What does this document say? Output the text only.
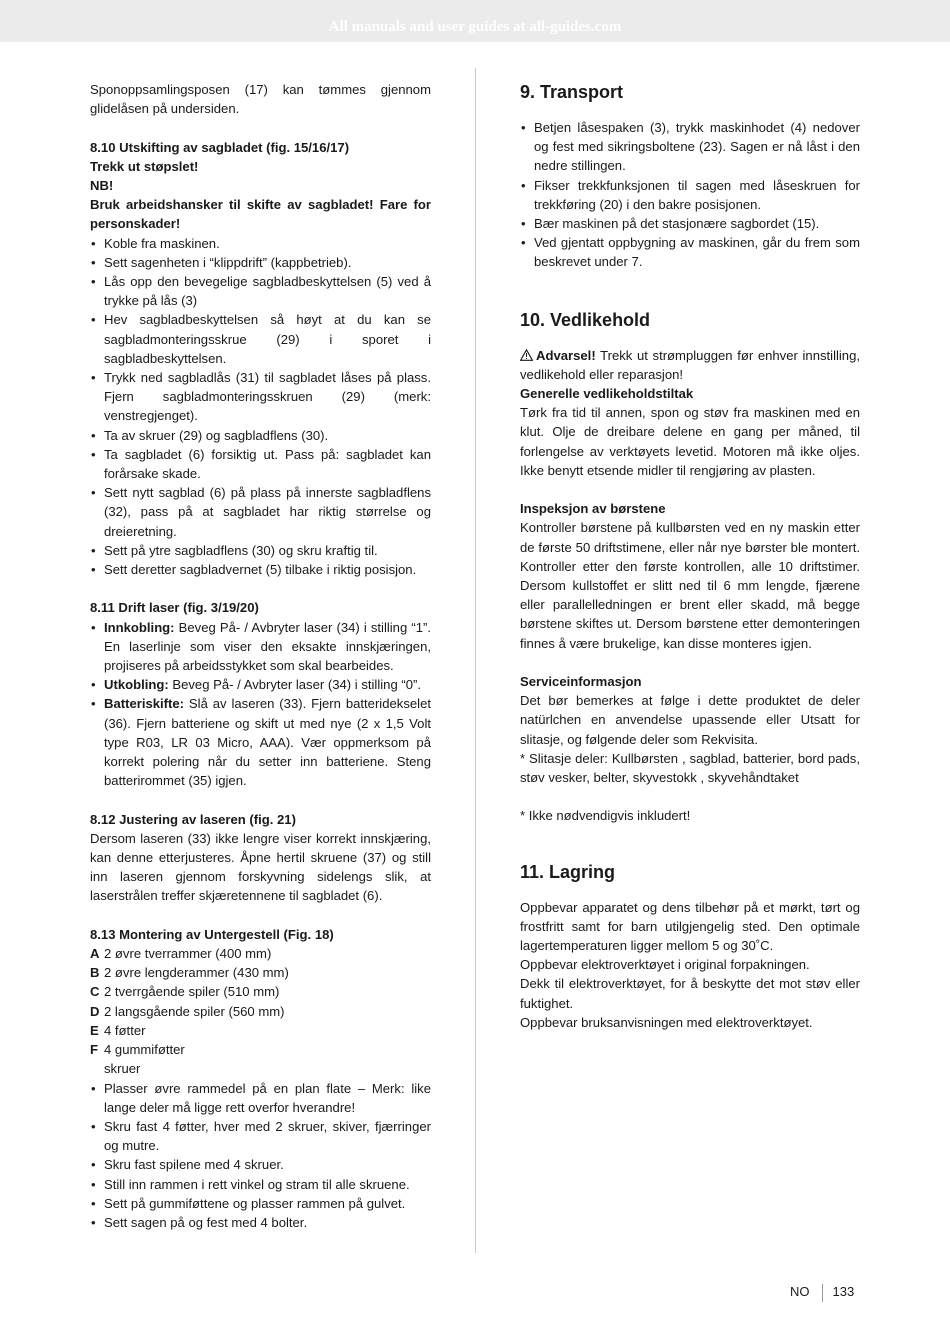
All manuals and user guides at all-guides.com

Sponoppsamlingsposen (17) kan tømmes gjennom glidelåsen på undersiden.

8.10 Utskifting av sagbladet (fig. 15/16/17)

Trekk ut støpslet!

NB!

Bruk arbeidshansker til skifte av sagbladet! Fare for personskader!

• Koble fra maskinen.
• Sett sagenheten i “klippdrift” (kappbetrieb).
• Lås opp den bevegelige sagbladbeskyttelsen (5) ved å trykke på lås (3)
• Hev sagbladbeskyttelsen så høyt at du kan se sagbladmonteringsskrue (29) i sporet i sagbladbeskyttelsen.
• Trykk ned sagbladlås (31) til sagbladet låses på plass. Fjern sagbladmonteringsskruen (29) (merk: venstregjenget).
• Ta av skruer (29) og sagbladflens (30).
• Ta sagbladet (6) forsiktig ut. Pass på: sagbladet kan forårsake skade.
• Sett nytt sagblad (6) på plass på innerste sagbladflens (32), pass på at sagbladet har riktig størrelse og dreieretning.
• Sett på ytre sagbladflens (30) og skru kraftig til.
• Sett deretter sagbladvernet (5) tilbake i riktig posisjon.

8.11 Drift laser (fig. 3/19/20)

• Innkobling: Beveg På- / Avbryter laser (34) i stilling “1”. En laserlinje som viser den eksakte innskjæringen, projiseres på arbeidsstykket som skal bearbeides.
• Utkobling: Beveg På- / Avbryter laser (34) i stilling “0”.
• Batteriskifte: Slå av laseren (33). Fjern batteridekselet (36). Fjern batteriene og skift ut med nye (2 x 1,5 Volt type R03, LR 03 Micro, AAA). Vær oppmerksom på korrekt polering når du setter inn batteriene. Steng batterirommet (35) igjen.

8.12 Justering av laseren (fig. 21)

Dersom laseren (33) ikke lengre viser korrekt innskjæring, kan denne etterjusteres. Åpne hertil skruene (37) og still inn laseren gjennom forskyvning sidelengs slik, at laserstrålen treffer skjæretennene til sagbladet (6).

8.13 Montering av Untergestell (Fig. 18)

A 2 øvre tverrammer (400 mm)
B 2 øvre lengderammer (430 mm)
C 2 tverrgående spiler (510 mm)
D 2 langsgående spiler (560 mm)
E 4 føtter
F 4 gummiføtter

skruer

• Plasser øvre rammedel på en plan flate – Merk: like lange deler må ligge rett overfor hverandre!
• Skru fast 4 føtter, hver med 2 skruer, skiver, fjærringer og mutre.
• Skru fast spilene med 4 skruer.
• Still inn rammen i rett vinkel og stram til alle skruene.
• Sett på gummiføttene og plasser rammen på gulvet.
• Sett sagen på og fest med 4 bolter.

9. Transport

• Betjen låsespaken (3), trykk maskinhodet (4) nedover og fest med sikringsboltene (23). Sagen er nå låst i den nedre stillingen.
• Fikser trekkfunksjonen til sagen med låseskruen for trekkføring (20) i den bakre posisjonen.
• Bær maskinen på det stasjonære sagbordet (15).
• Ved gjentatt oppbygning av maskinen, går du frem som beskrevet under 7.

10. Vedlikehold

Advarsel! Trekk ut strømpluggen før enhver innstilling, vedlikehold eller reparasjon!

Generelle vedlikeholdstiltak

Tørk fra tid til annen, spon og støv fra maskinen med en klut. Olje de dreibare delene en gang per måned, til forlengelse av verktøyets levetid. Motoren må ikke oljes. Ikke benytt etsende midler til rengjøring av plasten.

Inspeksjon av børstene

Kontroller børstene på kullbørsten ved en ny maskin etter de første 50 driftstimene, eller når nye børster ble montert. Kontroller etter den første kontrollen, alle 10 driftstimer. Dersom kullstoffet er slitt ned til 6 mm lengde, fjærene eller parallelledningen er brent eller skadd, må begge børstene skiftes ut. Dersom børstene etter demonteringen finnes å være brukelige, kan disse monteres igjen.

Serviceinformasjon

Det bør bemerkes at følge i dette produktet de deler natürlchen en anvendelse upassende eller Utsatt for slitasje, og følgende deler som Rekvisita.

* Slitasje deler: Kullbørsten , sagblad, batterier, bord pads, støv vesker, belter, skyvestokk , skyvehåndtaket

* Ikke nødvendigvis inkludert!

11. Lagring

Oppbevar apparatet og dens tilbehør på et mørkt, tørt og frostfritt samt for barn utilgjengelig sted. Den optimale lagertemperaturen ligger mellom 5 og 30˚C.

Oppbevar elektroverktøyet i original forpakningen.

Dekk til elektroverktøyet, for å beskytte det mot støv eller fuktighet.

Oppbevar bruksanvisningen med elektroverktøyet.

NO 133
